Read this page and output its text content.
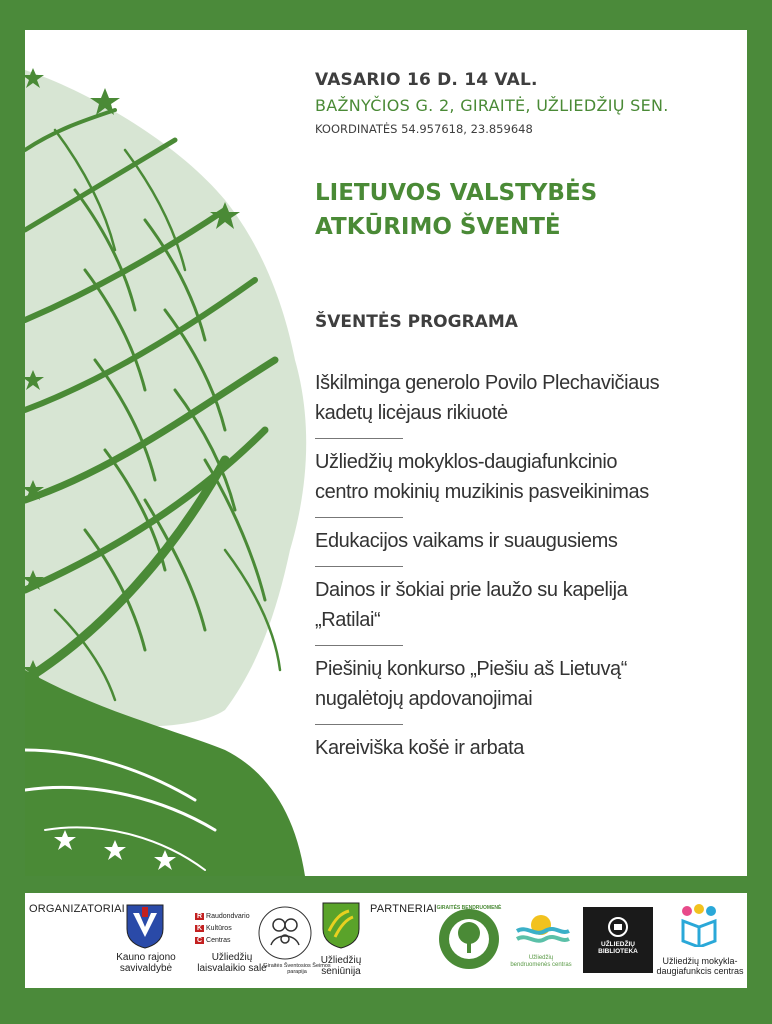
VASARIO 16 D. 14 VAL.

BAŽNYČIOS G. 2, GIRAITĖ, UŽLIEDŽIŲ SEN.

KOORDINATĖS 54.957618, 23.859648

LIETUVOS VALSTYBĖS
ATKŪRIMO ŠVENTĖ
ŠVENTĖS PROGRAMA
Iškilminga generolo Povilo Plechavičiaus
kadetų licėjaus rikiuotė
Užliedžių mokyklos-daugiafunkcinio
centro mokinių muzikinis pasveikinimas
Edukacijos vaikams ir suaugusiems
Dainos ir šokiai prie laužo su kapelija
„Ratilai“
Piešinių konkurso „Piešiu aš Lietuvą“
nugalėtojų apdovanojimai
Kareiviška košė ir arbata
ORGANIZATORIAI	PARTNERIAI
Kauno rajono
savivaldybė
R Raudondvario
K Kultūros
C Centras
Užliedžių
laisvalaikio salė
Giraitės Šventosios Šeimos parapija
Užliedžių
seniūnija
GIRAITĖS BENDRUOMENĖ
Užliedžių
bendruomenės centras
UŽLIEDŽIŲ
BIBLIOTEKA
Užliedžių mokykla-
daugiafunkcis centras
